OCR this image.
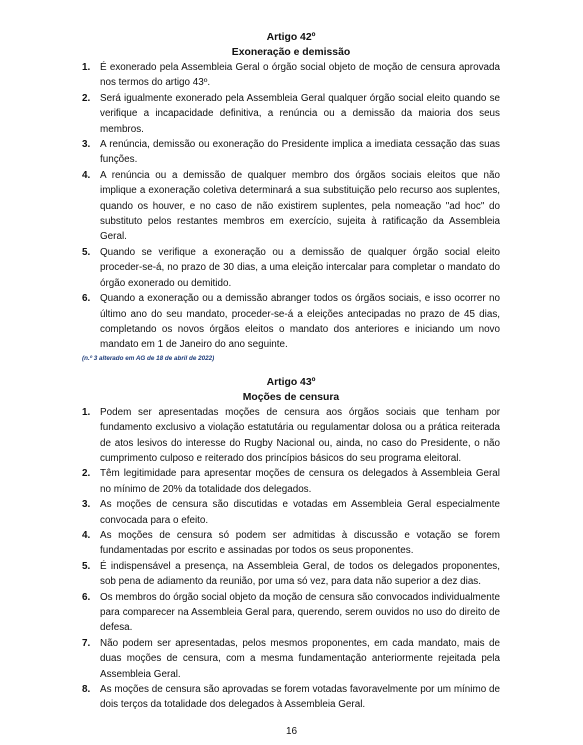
Artigo 42º
Exoneração e demissão
1. É exonerado pela Assembleia Geral o órgão social objeto de moção de censura aprovada nos termos do artigo 43º.
2. Será igualmente exonerado pela Assembleia Geral qualquer órgão social eleito quando se verifique a incapacidade definitiva, a renúncia ou a demissão da maioria dos seus membros.
3. A renúncia, demissão ou exoneração do Presidente implica a imediata cessação das suas funções.
4. A renúncia ou a demissão de qualquer membro dos órgãos sociais eleitos que não implique a exoneração coletiva determinará a sua substituição pelo recurso aos suplentes, quando os houver, e no caso de não existirem suplentes, pela nomeação "ad hoc" do substituto pelos restantes membros em exercício, sujeita à ratificação da Assembleia Geral.
5. Quando se verifique a exoneração ou a demissão de qualquer órgão social eleito proceder-se-á, no prazo de 30 dias, a uma eleição intercalar para completar o mandato do órgão exonerado ou demitido.
6. Quando a exoneração ou a demissão abranger todos os órgãos sociais, e isso ocorrer no último ano do seu mandato, proceder-se-á a eleições antecipadas no prazo de 45 dias, completando os novos órgãos eleitos o mandato dos anteriores e iniciando um novo mandato em 1 de Janeiro do ano seguinte.
(n.º 3 alterado em AG de 18 de abril de 2022)
Artigo 43º
Moções de censura
1. Podem ser apresentadas moções de censura aos órgãos sociais que tenham por fundamento exclusivo a violação estatutária ou regulamentar dolosa ou a prática reiterada de atos lesivos do interesse do Rugby Nacional ou, ainda, no caso do Presidente, o não cumprimento culposo e reiterado dos princípios básicos do seu programa eleitoral.
2. Têm legitimidade para apresentar moções de censura os delegados à Assembleia Geral no mínimo de 20% da totalidade dos delegados.
3. As moções de censura são discutidas e votadas em Assembleia Geral especialmente convocada para o efeito.
4. As moções de censura só podem ser admitidas à discussão e votação se forem fundamentadas por escrito e assinadas por todos os seus proponentes.
5. É indispensável a presença, na Assembleia Geral, de todos os delegados proponentes, sob pena de adiamento da reunião, por uma só vez, para data não superior a dez dias.
6. Os membros do órgão social objeto da moção de censura são convocados individualmente para comparecer na Assembleia Geral para, querendo, serem ouvidos no uso do direito de defesa.
7. Não podem ser apresentadas, pelos mesmos proponentes, em cada mandato, mais de duas moções de censura, com a mesma fundamentação anteriormente rejeitada pela Assembleia Geral.
8. As moções de censura são aprovadas se forem votadas favoravelmente por um mínimo de dois terços da totalidade dos delegados à Assembleia Geral.
16
